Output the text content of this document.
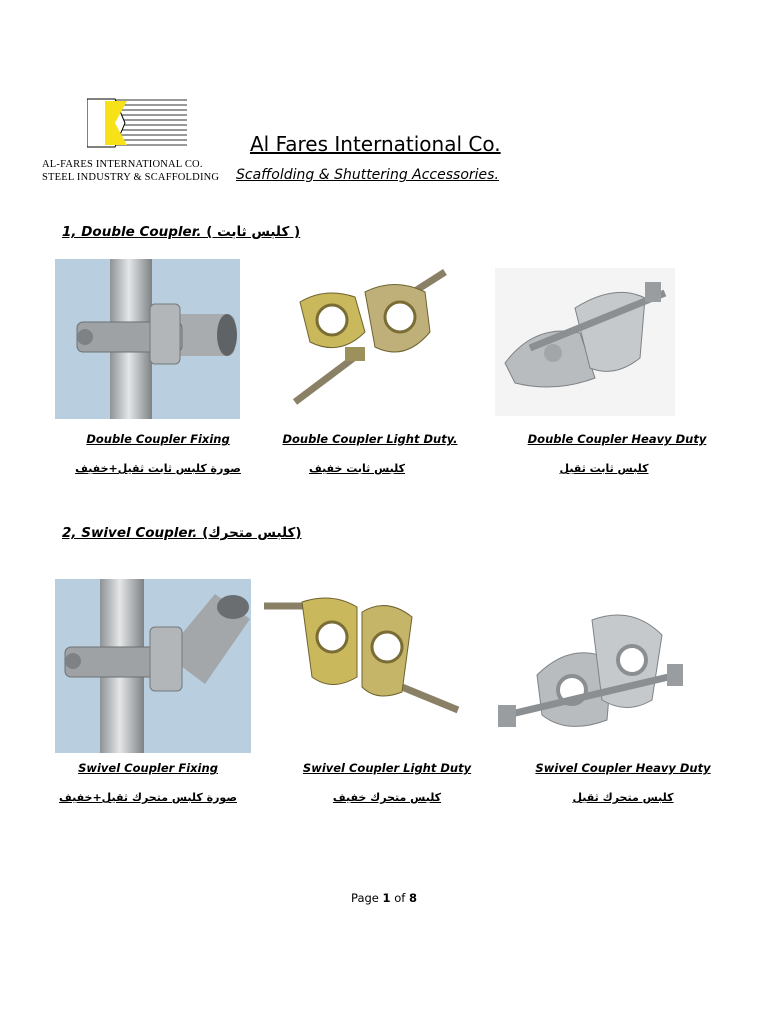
AL-FARES INTERNATIONAL CO.
STEEL INDUSTRY & SCAFFOLDING
Al Fares International Co.
Scaffolding & Shuttering Accessories.
1, Double Coupler. ( كلبس ثابت )
Double Coupler Fixing	Double Coupler Light Duty.	Double Coupler Heavy Duty
صورة كلبس ثابت ثقيل+خفيف	كلبس ثابت خفيف	كلبس ثابت ثقيل
2, Swivel Coupler. (كلبس متحرك)
Swivel Coupler Fixing	Swivel Coupler Light Duty	Swivel Coupler Heavy Duty
صورة كلبس متحرك ثقيل+خفيف	كلبس متحرك خفيف	كلبس متحرك ثقيل
Page 1 of 8
